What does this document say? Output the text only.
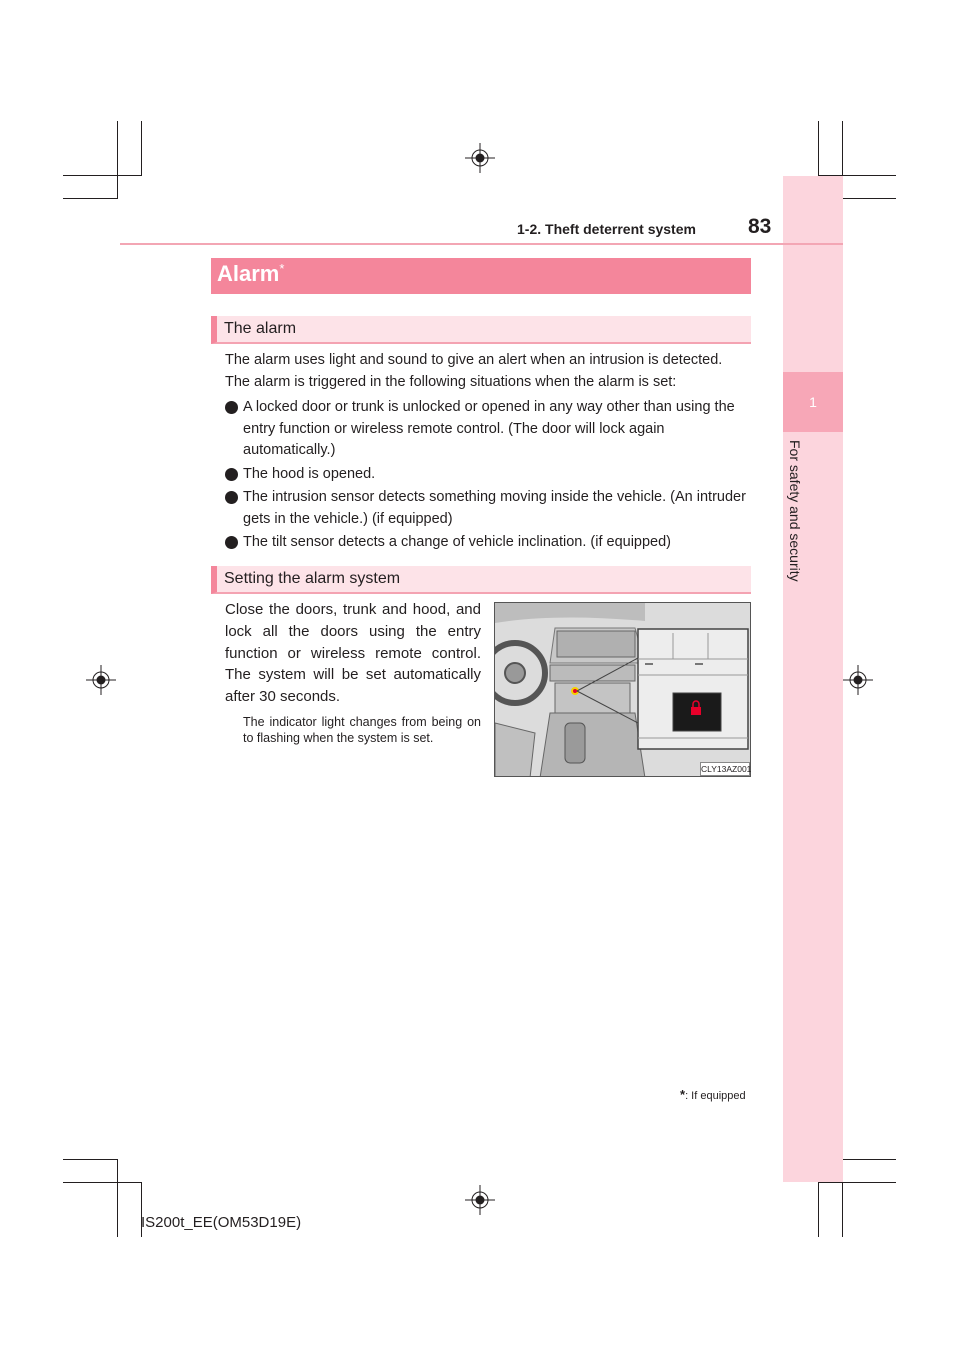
1
For safety and security
1-2. Theft deterrent system 83
Alarm*
The alarm
The alarm uses light and sound to give an alert when an intrusion is detected.
The alarm is triggered in the following situations when the alarm is set:
A locked door or trunk is unlocked or opened in any way other than using the entry function or wireless remote control. (The door will lock again automatically.)
The hood is opened.
The intrusion sensor detects something moving inside the vehicle. (An intruder gets in the vehicle.) (if equipped)
The tilt sensor detects a change of vehicle inclination. (if equipped)
Setting the alarm system
Close the doors, trunk and hood, and lock all the doors using the entry function or wireless remote control. The system will be set automatically after 30 seconds.
The indicator light changes from being on to flashing when the system is set.
CLY13AZ001
*: If equipped
IS200t_EE(OM53D19E)
